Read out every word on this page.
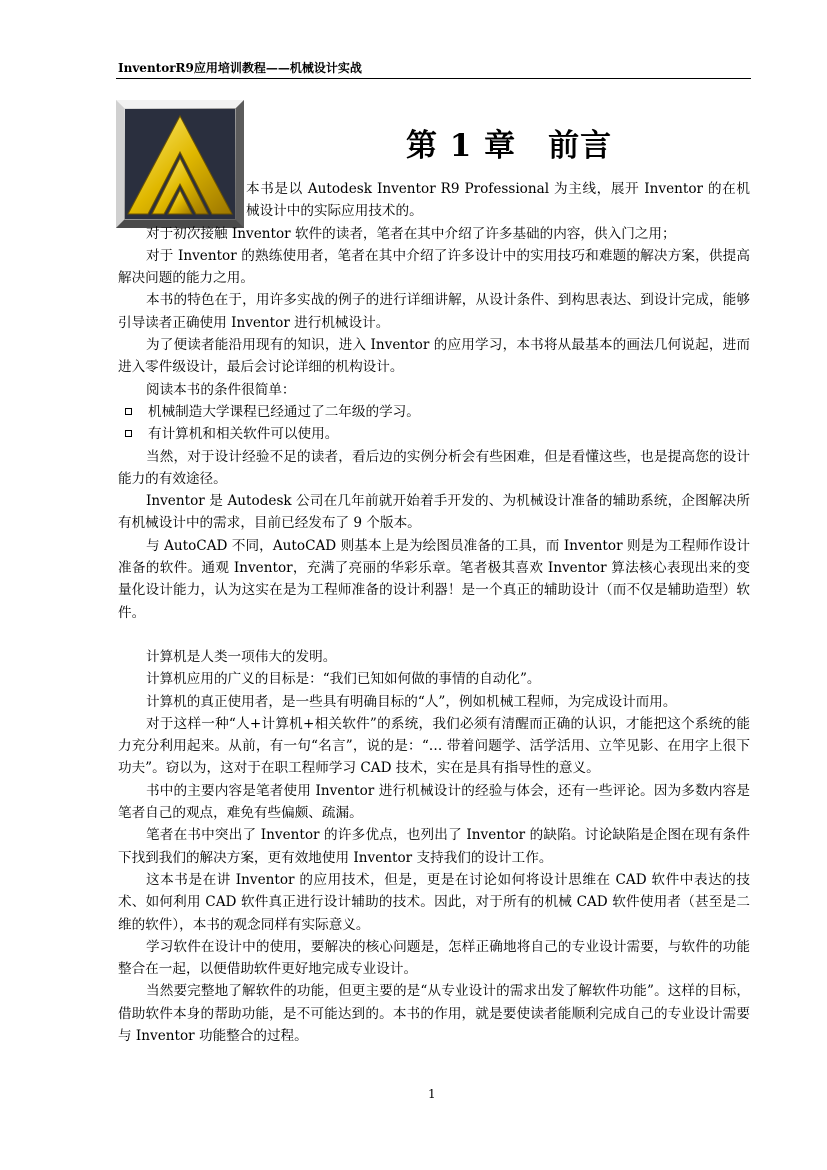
InventorR9应用培训教程——机械设计实战
第 1 章　前言

本书是以 Autodesk Inventor R9 Professional 为主线，展开 Inventor 的在机械设计中的实际应用技术的。

对于初次接触 Inventor 软件的读者，笔者在其中介绍了许多基础的内容，供入门之用；

对于 Inventor 的熟练使用者，笔者在其中介绍了许多设计中的实用技巧和难题的解决方案，供提高解决问题的能力之用。

本书的特色在于，用许多实战的例子的进行详细讲解，从设计条件、到构思表达、到设计完成，能够引导读者正确使用 Inventor 进行机械设计。

为了便读者能沿用现有的知识，进入 Inventor 的应用学习，本书将从最基本的画法几何说起，进而进入零件级设计，最后会讨论详细的机构设计。

阅读本书的条件很简单：

机械制造大学课程已经通过了二年级的学习。

有计算机和相关软件可以使用。

当然，对于设计经验不足的读者，看后边的实例分析会有些困难，但是看懂这些，也是提高您的设计能力的有效途径。

Inventor 是 Autodesk 公司在几年前就开始着手开发的、为机械设计准备的辅助系统，企图解决所有机械设计中的需求，目前已经发布了 9 个版本。

与 AutoCAD 不同，AutoCAD 则基本上是为绘图员准备的工具，而 Inventor 则是为工程师作设计准备的软件。通观 Inventor，充满了亮丽的华彩乐章。笔者极其喜欢 Inventor 算法核心表现出来的变量化设计能力，认为这实在是为工程师准备的设计利器！是一个真正的辅助设计（而不仅是辅助造型）软件。

计算机是人类一项伟大的发明。

计算机应用的广义的目标是：“我们已知如何做的事情的自动化”。

计算机的真正使用者，是一些具有明确目标的“人”，例如机械工程师，为完成设计而用。

对于这样一种“人+计算机+相关软件”的系统，我们必须有清醒而正确的认识，才能把这个系统的能力充分利用起来。从前，有一句“名言”，说的是：“… 带着问题学、活学活用、立竿见影、在用字上很下功夫”。窃以为，这对于在职工程师学习 CAD 技术，实在是具有指导性的意义。

书中的主要内容是笔者使用 Inventor 进行机械设计的经验与体会，还有一些评论。因为多数内容是笔者自己的观点，难免有些偏颇、疏漏。

笔者在书中突出了 Inventor 的许多优点，也列出了 Inventor 的缺陷。讨论缺陷是企图在现有条件下找到我们的解决方案，更有效地使用 Inventor 支持我们的设计工作。

这本书是在讲 Inventor 的应用技术，但是，更是在讨论如何将设计思维在 CAD 软件中表达的技术、如何利用 CAD 软件真正进行设计辅助的技术。因此，对于所有的机械 CAD 软件使用者（甚至是二维的软件），本书的观念同样有实际意义。

学习软件在设计中的使用，要解决的核心问题是，怎样正确地将自己的专业设计需要，与软件的功能整合在一起，以便借助软件更好地完成专业设计。

当然要完整地了解软件的功能，但更主要的是“从专业设计的需求出发了解软件功能”。这样的目标，借助软件本身的帮助功能，是不可能达到的。本书的作用，就是要使读者能顺利完成自己的专业设计需要与 Inventor 功能整合的过程。

1
